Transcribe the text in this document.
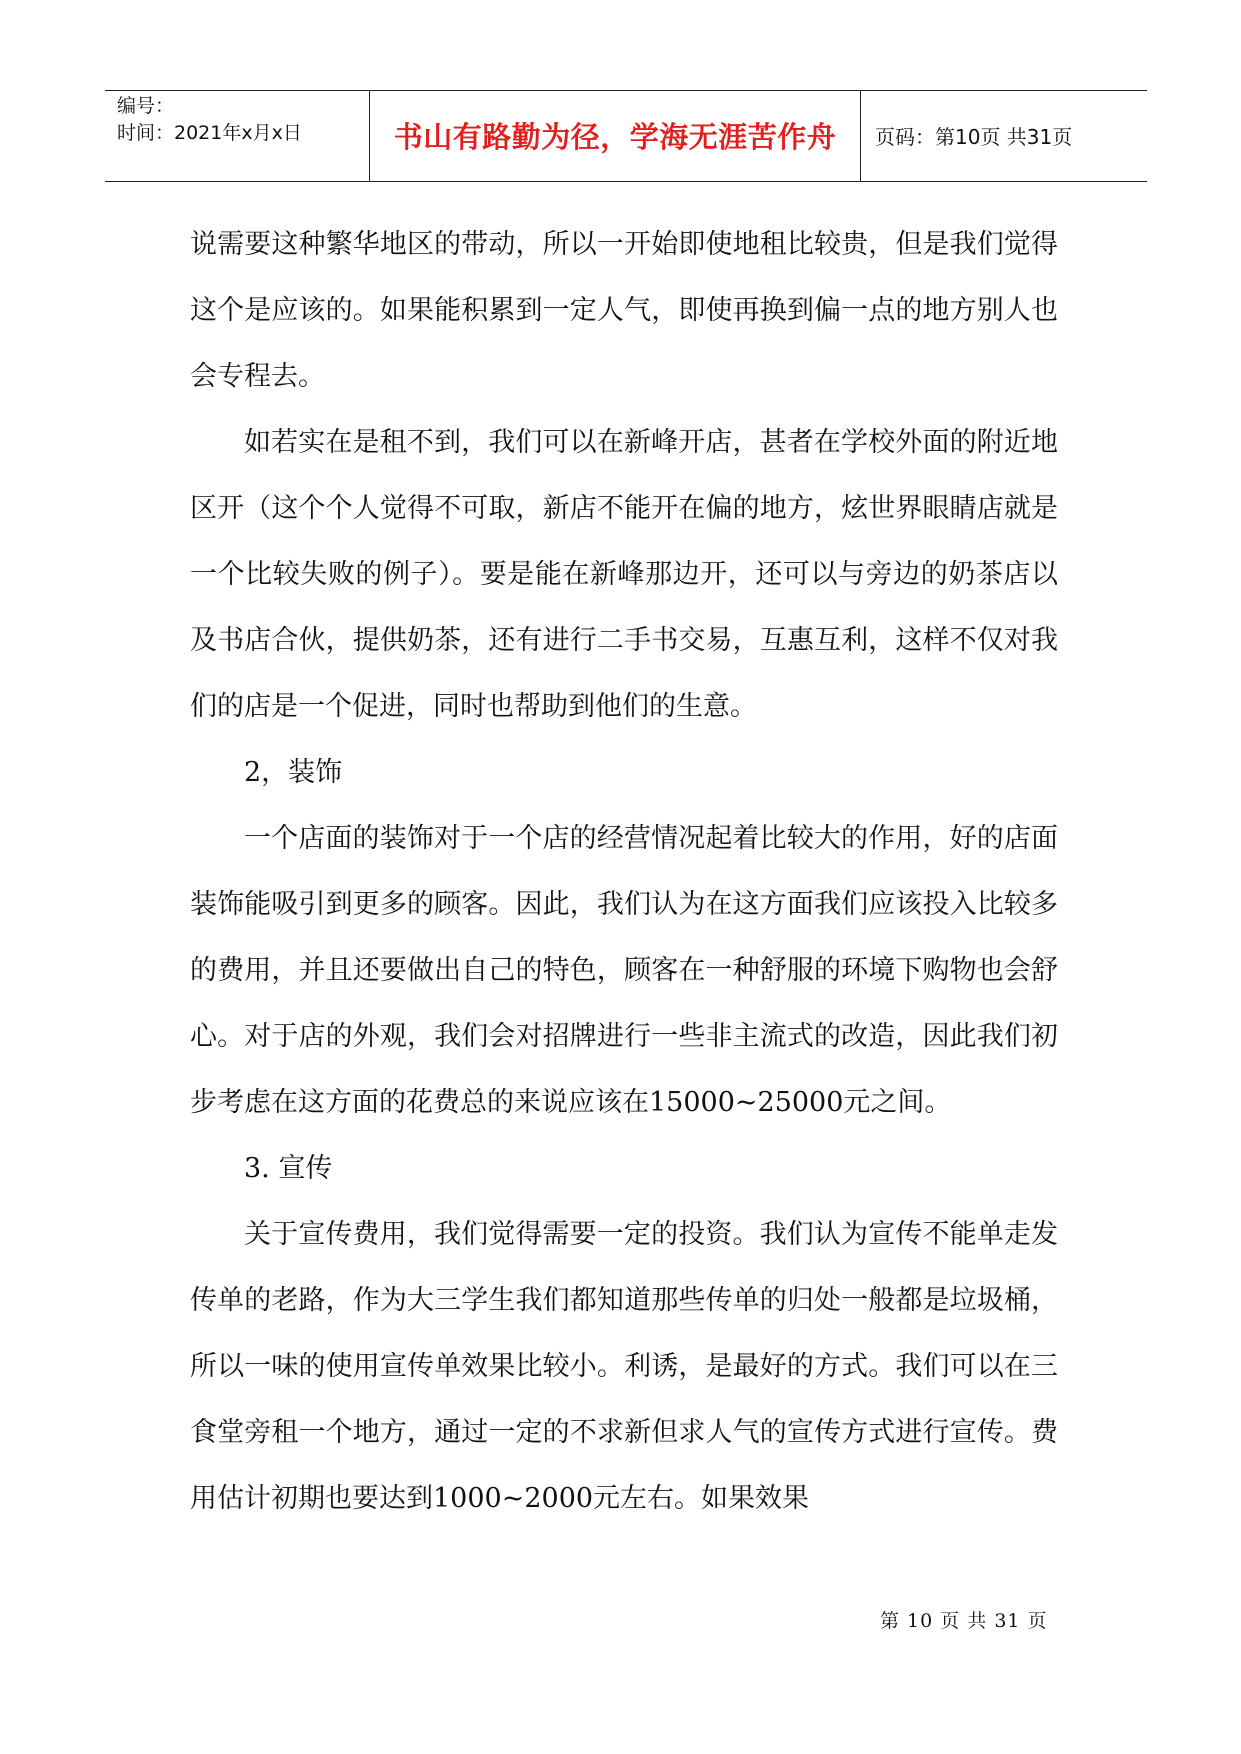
编号：
时间：2021年x月x日	书山有路勤为径，学海无涯苦作舟	页码：第10页 共31页

说需要这种繁华地区的带动，所以一开始即使地租比较贵，但是我们觉得这个是应该的。如果能积累到一定人气，即使再换到偏一点的地方别人也会专程去。

如若实在是租不到，我们可以在新峰开店，甚者在学校外面的附近地区开（这个个人觉得不可取，新店不能开在偏的地方，炫世界眼睛店就是一个比较失败的例子）。要是能在新峰那边开，还可以与旁边的奶茶店以及书店合伙，提供奶茶，还有进行二手书交易，互惠互利，这样不仅对我们的店是一个促进，同时也帮助到他们的生意。

2，装饰

一个店面的装饰对于一个店的经营情况起着比较大的作用，好的店面装饰能吸引到更多的顾客。因此，我们认为在这方面我们应该投入比较多的费用，并且还要做出自己的特色，顾客在一种舒服的环境下购物也会舒心。对于店的外观，我们会对招牌进行一些非主流式的改造，因此我们初步考虑在这方面的花费总的来说应该在15000~25000元之间。

3. 宣传

关于宣传费用，我们觉得需要一定的投资。我们认为宣传不能单走发传单的老路，作为大三学生我们都知道那些传单的归处一般都是垃圾桶，所以一味的使用宣传单效果比较小。利诱，是最好的方式。我们可以在三食堂旁租一个地方，通过一定的不求新但求人气的宣传方式进行宣传。费用估计初期也要达到1000~2000元左右。如果效果

第 10 页 共 31 页
